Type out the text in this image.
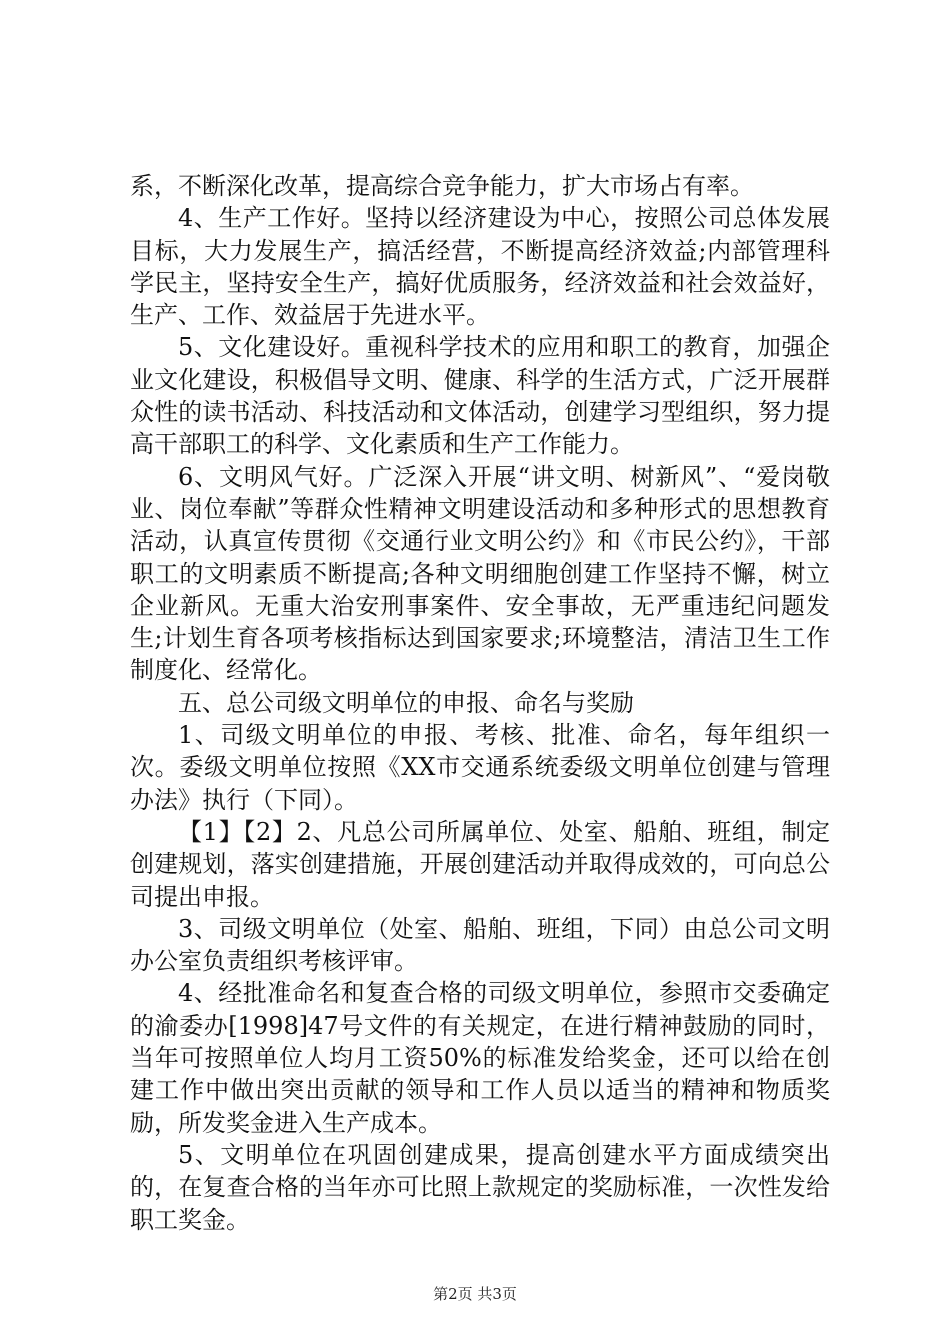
系，不断深化改革，提高综合竞争能力，扩大市场占有率。

4、生产工作好。坚持以经济建设为中心，按照公司总体发展目标，大力发展生产，搞活经营，不断提高经济效益;内部管理科学民主，坚持安全生产，搞好优质服务，经济效益和社会效益好，生产、工作、效益居于先进水平。

5、文化建设好。重视科学技术的应用和职工的教育，加强企业文化建设，积极倡导文明、健康、科学的生活方式，广泛开展群众性的读书活动、科技活动和文体活动，创建学习型组织，努力提高干部职工的科学、文化素质和生产工作能力。

6、文明风气好。广泛深入开展“讲文明、树新风”、“爱岗敬业、岗位奉献”等群众性精神文明建设活动和多种形式的思想教育活动，认真宣传贯彻《交通行业文明公约》和《市民公约》，干部职工的文明素质不断提高;各种文明细胞创建工作坚持不懈，树立企业新风。无重大治安刑事案件、安全事故，无严重违纪问题发生;计划生育各项考核指标达到国家要求;环境整洁，清洁卫生工作制度化、经常化。

五、总公司级文明单位的申报、命名与奖励

1、司级文明单位的申报、考核、批准、命名，每年组织一次。委级文明单位按照《XX市交通系统委级文明单位创建与管理办法》执行（下同）。

【1】【2】2、凡总公司所属单位、处室、船舶、班组，制定创建规划，落实创建措施，开展创建活动并取得成效的，可向总公司提出申报。

3、司级文明单位（处室、船舶、班组，下同）由总公司文明办公室负责组织考核评审。

4、经批准命名和复查合格的司级文明单位，参照市交委确定的渝委办[1998]47号文件的有关规定，在进行精神鼓励的同时，当年可按照单位人均月工资50%的标准发给奖金，还可以给在创建工作中做出突出贡献的领导和工作人员以适当的精神和物质奖励，所发奖金进入生产成本。

5、文明单位在巩固创建成果，提高创建水平方面成绩突出的，在复查合格的当年亦可比照上款规定的奖励标准，一次性发给职工奖金。

第2页 共3页
